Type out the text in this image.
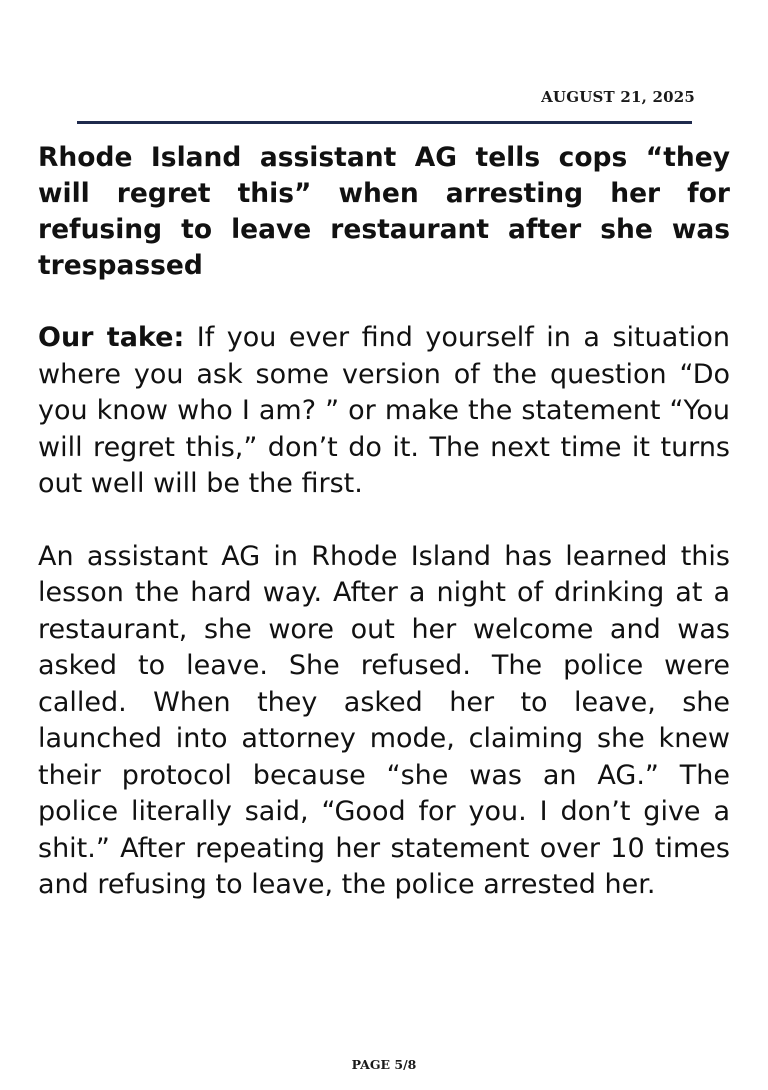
AUGUST 21, 2025
Rhode Island assistant AG tells cops “they will regret this” when arresting her for refusing to leave restaurant after she was trespassed

Our take: If you ever find yourself in a situation where you ask some version of the question “Do you know who I am? ” or make the statement “You will regret this,” don’t do it. The next time it turns out well will be the first.

An assistant AG in Rhode Island has learned this lesson the hard way. After a night of drinking at a restaurant, she wore out her welcome and was asked to leave. She refused. The police were called. When they asked her to leave, she launched into attorney mode, claiming she knew their protocol because “she was an AG.” The police literally said, “Good for you. I don’t give a shit.” After repeating her statement over 10 times and refusing to leave, the police arrested her.

PAGE 5/8
